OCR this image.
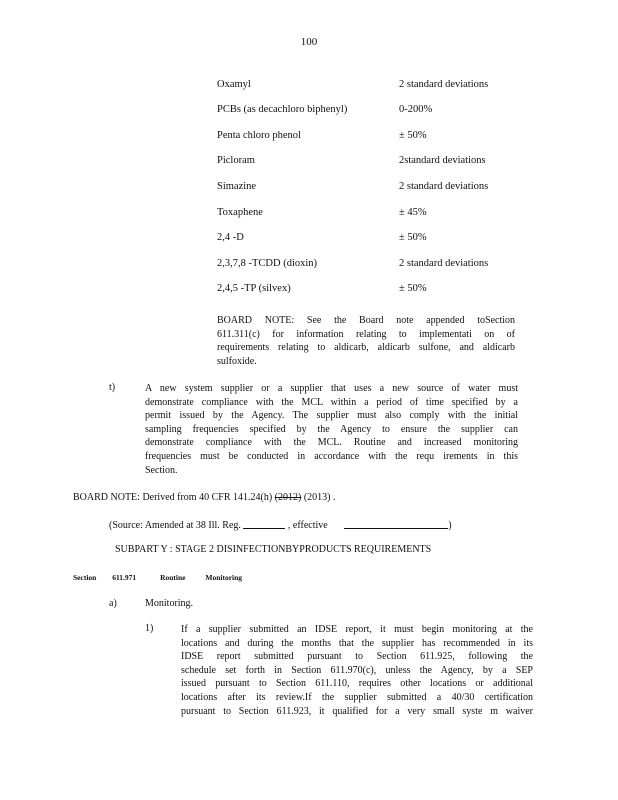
100
Oxamyl	2 standard deviations
PCBs (as decachloro biphenyl)	0-200%
Penta chloro phenol	± 50%
Picloram	2standard deviations
Simazine	2 standard deviations
Toxaphene	± 45%
2,4 -D	± 50%
2,3,7,8 -TCDD (dioxin)	2 standard deviations
2,4,5 -TP (silvex)	± 50%
BOARD NOTE: See the Board note appended toSection
611.311(c) for information relating to implementati on of
requirements relating to aldicarb, aldicarb sulfone, and aldicarb
sulfoxide.
t)	A new system supplier or a supplier that uses a new source of water must
demonstrate compliance with the MCL within a period of time specified by a
permit issued by the Agency. The supplier must also comply with the initial
sampling frequencies specified by the Agency to ensure the supplier can
demonstrate compliance with the MCL. Routine and increased monitoring
frequencies must be conducted in accordance with the requ irements in this
Section.
BOARD NOTE: Derived from 40 CFR 141.24(h) (2012) (2013) .
(Source: Amended at 38 Ill. Reg.	, effective	)
SUBPART Y : STAGE 2 DISINFECTIONBYPRODUCTS REQUIREMENTS
Section 611.971	Routine	Monitoring
a)	Monitoring.
1)	If a supplier submitted an IDSE report, it must begin monitoring at the
locations and during the months that the supplier has recommended in its
IDSE report submitted pursuant to Section 611.925, following the
schedule set forth in Section 611.970(c), unless the Agency, by a SEP
issued pursuant to Section 611.110, requires other locations or additional
locations after its review.If the supplier submitted a 40/30 certification
pursuant to Section 611.923, it qualified for a very small syste m waiver
